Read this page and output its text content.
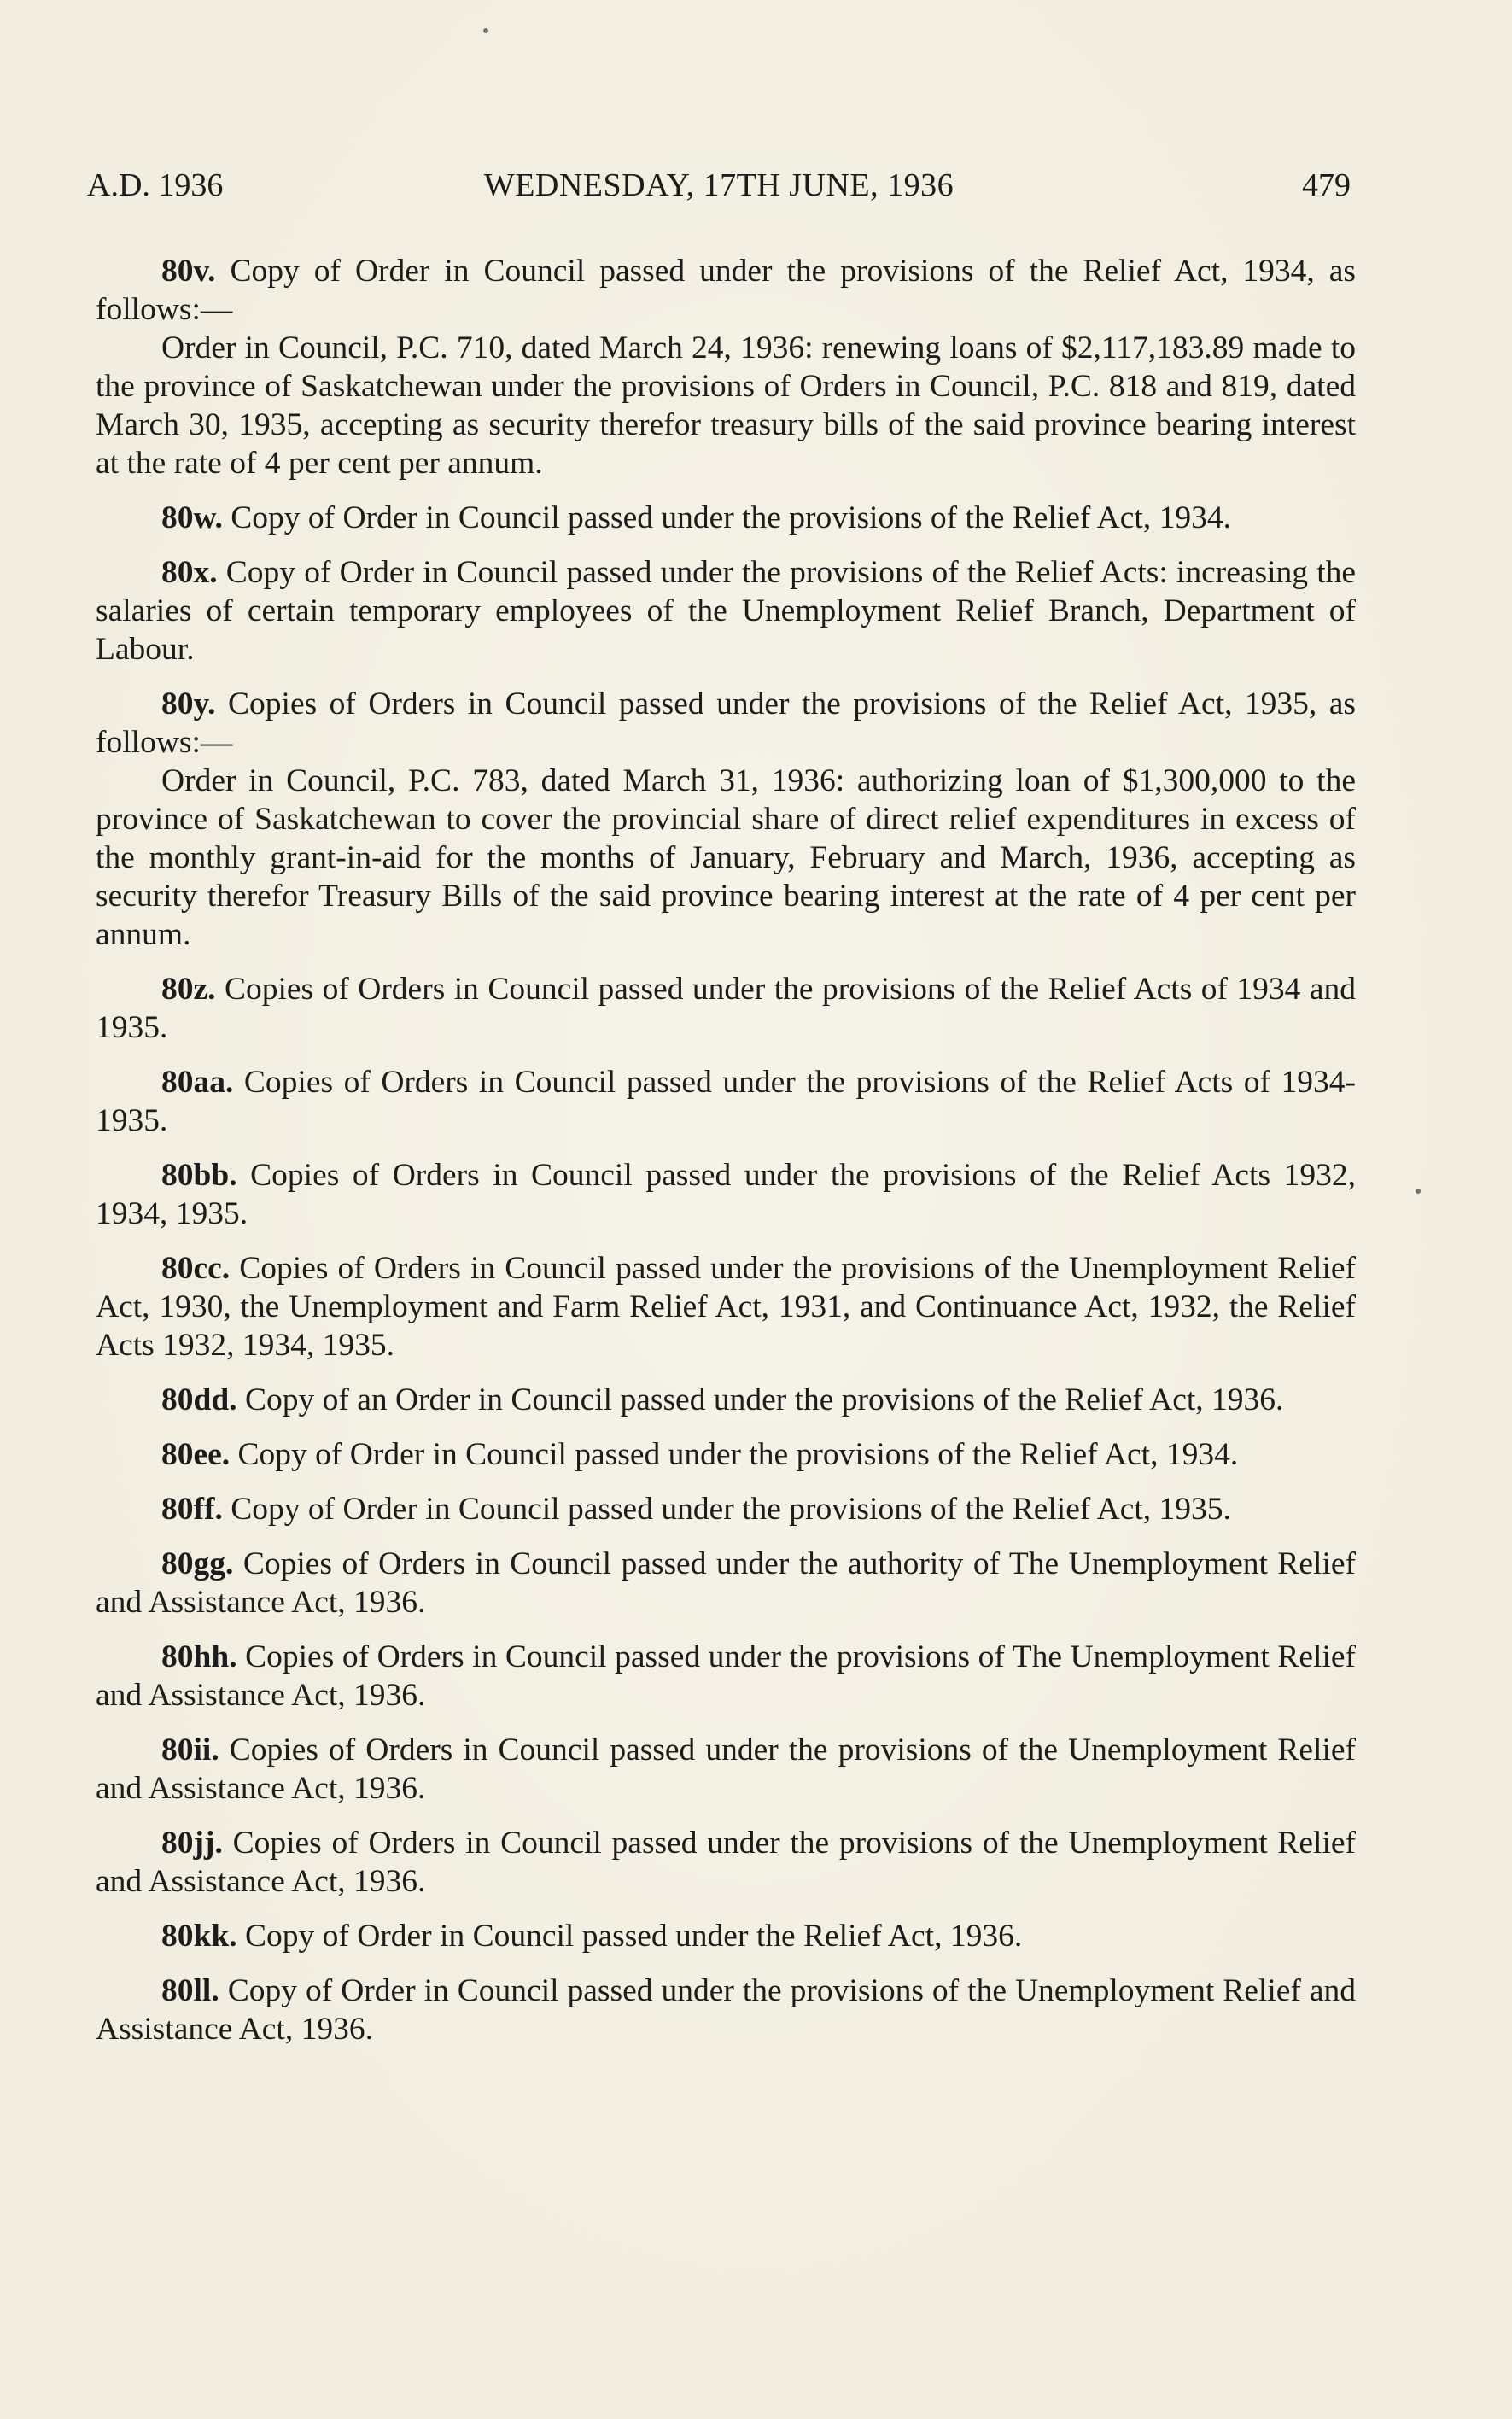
A.D. 1936	WEDNESDAY, 17TH JUNE, 1936	479

80v. Copy of Order in Council passed under the provisions of the Relief Act, 1934, as follows:—

Order in Council, P.C. 710, dated March 24, 1936: renewing loans of $2,117,183.89 made to the province of Saskatchewan under the provisions of Orders in Council, P.C. 818 and 819, dated March 30, 1935, accepting as security therefor treasury bills of the said province bearing interest at the rate of 4 per cent per annum.

80w. Copy of Order in Council passed under the provisions of the Relief Act, 1934.

80x. Copy of Order in Council passed under the provisions of the Relief Acts: increasing the salaries of certain temporary employees of the Unemployment Relief Branch, Department of Labour.

80y. Copies of Orders in Council passed under the provisions of the Relief Act, 1935, as follows:—

Order in Council, P.C. 783, dated March 31, 1936: authorizing loan of $1,300,000 to the province of Saskatchewan to cover the provincial share of direct relief expenditures in excess of the monthly grant-in-aid for the months of January, February and March, 1936, accepting as security therefor Treasury Bills of the said province bearing interest at the rate of 4 per cent per annum.

80z. Copies of Orders in Council passed under the provisions of the Relief Acts of 1934 and 1935.

80aa. Copies of Orders in Council passed under the provisions of the Relief Acts of 1934-1935.

80bb. Copies of Orders in Council passed under the provisions of the Relief Acts 1932, 1934, 1935.

80cc. Copies of Orders in Council passed under the provisions of the Unemployment Relief Act, 1930, the Unemployment and Farm Relief Act, 1931, and Continuance Act, 1932, the Relief Acts 1932, 1934, 1935.

80dd. Copy of an Order in Council passed under the provisions of the Relief Act, 1936.

80ee. Copy of Order in Council passed under the provisions of the Relief Act, 1934.

80ff. Copy of Order in Council passed under the provisions of the Relief Act, 1935.

80gg. Copies of Orders in Council passed under the authority of The Unemployment Relief and Assistance Act, 1936.

80hh. Copies of Orders in Council passed under the provisions of The Unemployment Relief and Assistance Act, 1936.

80ii. Copies of Orders in Council passed under the provisions of the Unemployment Relief and Assistance Act, 1936.

80jj. Copies of Orders in Council passed under the provisions of the Unemployment Relief and Assistance Act, 1936.

80kk. Copy of Order in Council passed under the Relief Act, 1936.

80ll. Copy of Order in Council passed under the provisions of the Unemployment Relief and Assistance Act, 1936.
